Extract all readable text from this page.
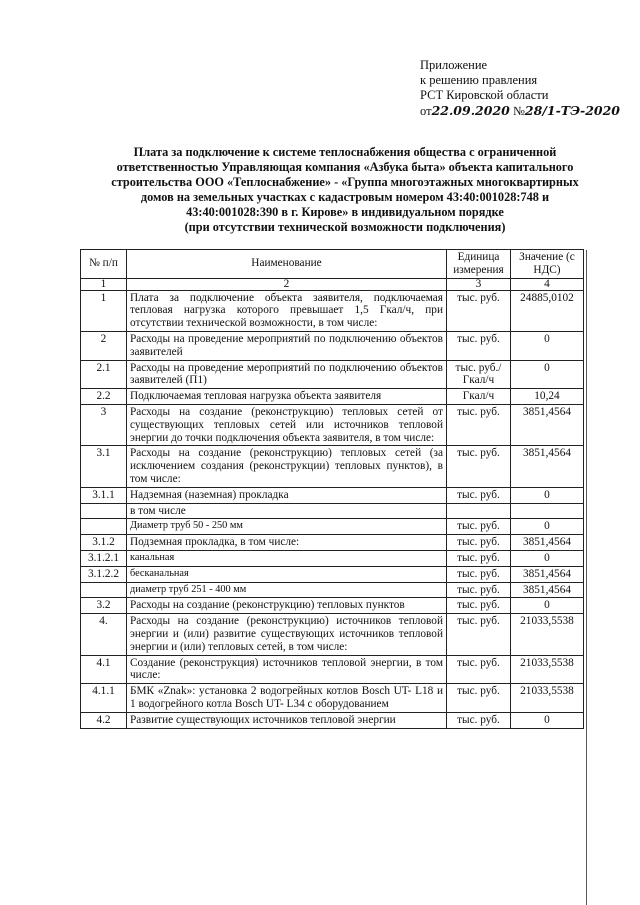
Приложение
к решению правления
РСТ Кировской области
от22.09.2020 №28/1-ТЭ-2020
Плата за подключение к системе теплоснабжения общества с ограниченной
ответственностью Управляющая компания «Азбука быта» объекта капитального
строительства ООО «Теплоснабжение» - «Группа многоэтажных многоквартирных
домов на земельных участках с кадастровым номером 43:40:001028:748 и
43:40:001028:390 в г. Кирове» в индивидуальном порядке
(при отсутствии технической возможности подключения)
№ п/п	Наименование	Единица измерения	Значение (с НДС)
1	2	3	4
1	Плата за подключение объекта заявителя, подключаемая тепловая нагрузка которого превышает 1,5 Гкал/ч, при отсутствии технической возможности, в том числе:	тыс. руб.	24885,0102
2	Расходы на проведение мероприятий по подключению объектов заявителей	тыс. руб.	0
2.1	Расходы на проведение мероприятий по подключению объектов заявителей (П1)	тыс. руб./ Гкал/ч	0
2.2	Подключаемая тепловая нагрузка объекта заявителя	Гкал/ч	10,24
3	Расходы на создание (реконструкцию) тепловых сетей от существующих тепловых сетей или источников тепловой энергии до точки подключения объекта заявителя, в том числе:	тыс. руб.	3851,4564
3.1	Расходы на создание (реконструкцию) тепловых сетей (за исключением создания (реконструкции) тепловых пунктов), в том числе:	тыс. руб.	3851,4564
3.1.1	Надземная (наземная) прокладка	тыс. руб.	0
	в том числе		
	Диаметр труб 50 - 250 мм	тыс. руб.	0
3.1.2	Подземная прокладка, в том числе:	тыс. руб.	3851,4564
3.1.2.1	канальная	тыс. руб.	0
3.1.2.2	бесканальная	тыс. руб.	3851,4564
	диаметр труб 251 - 400 мм	тыс. руб.	3851,4564
3.2	Расходы на создание (реконструкцию) тепловых пунктов	тыс. руб.	0
4.	Расходы на создание (реконструкцию) источников тепловой энергии и (или) развитие существующих источников тепловой энергии и (или) тепловых сетей, в том числе:	тыс. руб.	21033,5538
4.1	Создание (реконструкция) источников тепловой энергии, в том числе:	тыс. руб.	21033,5538
4.1.1	БМК «Znak»: установка 2 водогрейных котлов Bosch UT- L18 и 1 водогрейного котла Bosch UT- L34 с оборудованием	тыс. руб.	21033,5538
4.2	Развитие существующих источников тепловой энергии	тыс. руб.	0
